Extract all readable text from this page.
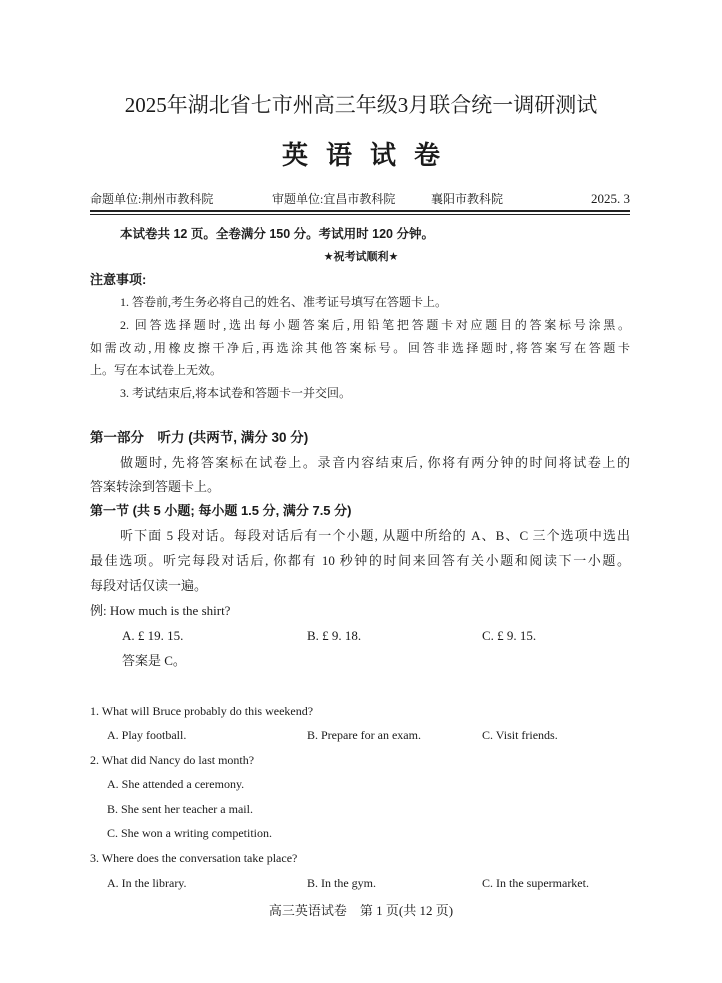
2025年湖北省七市州高三年级3月联合统一调研测试
英语试卷
命题单位:荆州市教科院	审题单位:宜昌市教科院	襄阳市教科院	2025. 3
本试卷共 12 页。全卷满分 150 分。考试用时 120 分钟。
★祝考试顺利★
注意事项:
1. 答卷前,考生务必将自己的姓名、准考证号填写在答题卡上。
2. 回答选择题时,选出每小题答案后,用铅笔把答题卡对应题目的答案标号涂黑。
如需改动,用橡皮擦干净后,再选涂其他答案标号。回答非选择题时,将答案写在答题卡
上。写在本试卷上无效。
3. 考试结束后,将本试卷和答题卡一并交回。
第一部分　听力 (共两节, 满分 30 分)
做题时, 先将答案标在试卷上。录音内容结束后, 你将有两分钟的时间将试卷上的
答案转涂到答题卡上。
第一节 (共 5 小题; 每小题 1.5 分, 满分 7.5 分)
听下面 5 段对话。每段对话后有一个小题, 从题中所给的 A、B、C 三个选项中选出
最佳选项。听完每段对话后, 你都有 10 秒钟的时间来回答有关小题和阅读下一小题。
每段对话仅读一遍。
例: How much is the shirt?
A. £ 19. 15.	B. £ 9. 18.	C. £ 9. 15.
答案是 C。
1. What will Bruce probably do this weekend?
A. Play football.	B. Prepare for an exam.	C. Visit friends.
2. What did Nancy do last month?
A. She attended a ceremony.
B. She sent her teacher a mail.
C. She won a writing competition.
3. Where does the conversation take place?
A. In the library.	B. In the gym.	C. In the supermarket.
高三英语试卷　第 1 页(共 12 页)
